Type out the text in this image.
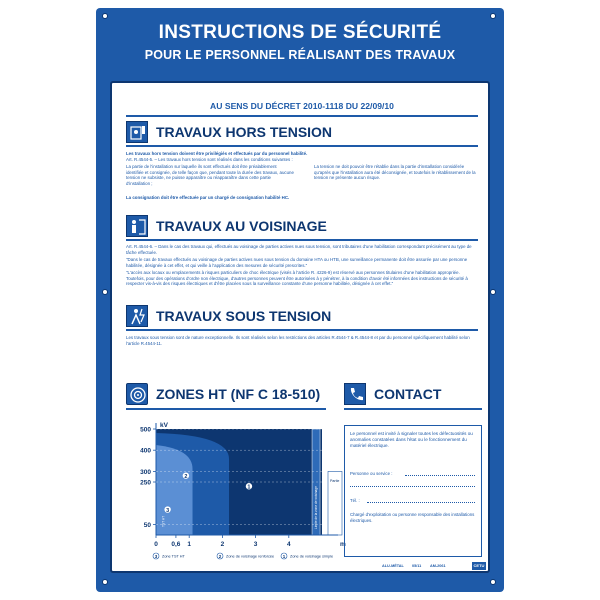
INSTRUCTIONS DE SÉCURITÉ
POUR LE PERSONNEL RÉALISANT DES TRAVAUX
AU SENS DU DÉCRET 2010-1118 DU 22/09/10
TRAVAUX HORS TENSION
Les travaux hors tension doivent être privilégiés et effectués par du personnel habilité.
Art. R.4544-5. – Les travaux hors tension sont réalisés dans les conditions suivantes :
La partie de l'installation sur laquelle ils sont effectués doit être préalablement identifiée et consignée, de telle façon que, pendant toute la durée des travaux, aucune tension ne subsiste, ne puisse apparaître ou réapparaître dans cette partie d'installation ;
La tension ne doit pouvoir être rétablie dans la partie d'installation considérée qu'après que l'installation aura été déconsignée, et toutefois le rétablissement de la tension ne présente aucun risque.
La consignation doit être effectuée par un chargé de consignation habilité HC.
TRAVAUX AU VOISINAGE
Art. R.4544-6. – Dans le cas des travaux qui, effectués au voisinage de parties actives nues sous tension, sont tributaires d'une habilitation correspondant précisément au type de tâche effectuée.
"Dans le cas de travaux effectués au voisinage de parties actives nues sous tension du domaine HTA ou HTB, une surveillance permanente doit être assurée par une personne habilitée, désignée à cet effet, et qui veille à l'application des mesures de sécurité prescrites."
"L'accès aux locaux ou emplacements à risques particuliers de choc électrique (visés à l'article R. 4226-9) est réservé aux personnes titulaires d'une habilitation appropriée. Toutefois, pour des opérations d'ordre non électrique, d'autres personnes peuvent être autorisées à y pénétrer, à la condition d'avoir été informées des instructions de sécurité à respecter vis-à-vis des risques électriques et d'être placées sous la surveillance constante d'une personne habilitée, désignée à cet effet."
TRAVAUX SOUS TENSION
Les travaux sous tension sont de nature exceptionnelle. Ils sont réalisés selon les restrictions des articles R.4544-7 & R.4544-8 et par du personnel spécifiquement habilité selon l'article R.4544-11.
ZONES HT (NF C 18-510)
500
400
300
250
50
kV
0 0,6 1	2	3	4	m
3
2
1
Pièce sous tension	Limite de la zone de voisinage
TST HT
Partie
3 Zone TST HT	2 Zone de voisinage renforcée 1 Zone de voisinage simple
CONTACT
Le personnel est invité à signaler toutes les défectuosités ou anomalies constatées dans l'état ou le fonctionnement du matériel électrique.
Personne ou service :
Tél. :
Chargé d'exploitation ou personne responsable des installations électriques.
ALU-MÉTAL 05/11 AM-2061	CETU
